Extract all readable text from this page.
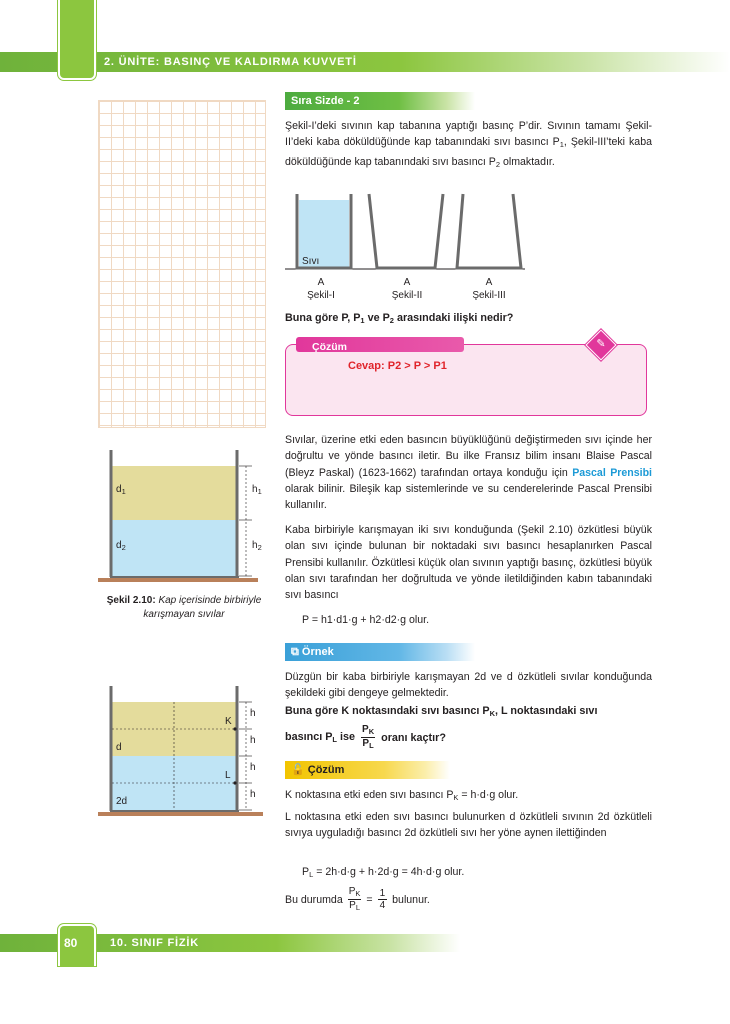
2. ÜNİTE: BASINÇ VE KALDIRMA KUVVETİ
Sıra Sizde - 2

Şekil-I’deki sıvının kap tabanına yaptığı basınç P’dir. Sıvının tamamı Şekil-II’deki kaba döküldüğünde kap tabanındaki sıvı basıncı $P_1$, Şekil-III’teki kaba döküldüğünde kap tabanındaki sıvı basıncı $P_2$ olmaktadır.

Sıvı
A	A	A
Şekil-I	Şekil-II	Şekil-III
Buna göre P, $P_1$ ve $P_2$ arasındaki ilişki nedir?
Çözüm	✎
Cevap: P2 > P > P1
$d_1$
$d_2$
$h_1$
$h_2$
Şekil 2.10: Kap içerisinde birbiriyle karışmayan sıvılar

Sıvılar, üzerine etki eden basıncın büyüklüğünü değiştirmeden sıvı içinde her doğrultu ve yönde basıncı iletir. Bu ilke Fransız bilim insanı Blaise Pascal (Bleyz Paskal) (1623-1662) tarafından ortaya konduğu için Pascal Prensibi olarak bilinir. Bileşik kap sistemlerinde ve su cenderelerinde Pascal Prensibi kullanılır.

Kaba birbiriyle karışmayan iki sıvı konduğunda (Şekil 2.10) özkütlesi büyük olan sıvı içinde bulunan bir noktadaki sıvı basıncı hesaplanırken Pascal Prensibi kullanılır. Özkütlesi küçük olan sıvının yaptığı basınç, özkütlesi büyük olan sıvı tarafından her doğrultuda ve yönde iletildiğinden kabın tabanındaki sıvı basıncı

P = h1·d1·g + h2·d2·g olur.
⧉ Örnek

Düzgün bir kaba birbiriyle karışmayan 2d ve d özkütleli sıvılar konduğunda şekildeki gibi dengeye gelmektedir.

Buna göre K noktasındaki sıvı basıncı $P_K$, L noktasındaki sıvı
basıncı $P_L$ ise
$P_K$
$P_L$
oranı kaçtır?
K
L
d
2d
h
h
h
h
🔓 Çözüm
K noktasına etki eden sıvı basıncı $P_K = h\cdot d\cdot g$ olur.

L noktasına etki eden sıvı basıncı bulunurken d özkütleli sıvının 2d özkütleli sıvıya uyguladığı basıncı 2d özkütleli sıvı her yöne aynen ilettiğinden

$P_L = 2h\cdot d\cdot g + h\cdot 2d\cdot g = 4h\cdot d\cdot g$ olur.
Bu durumda $\frac{P_K}{P_L} = \frac{1}{4}$ bulunur.
80	10. SINIF FİZİK
